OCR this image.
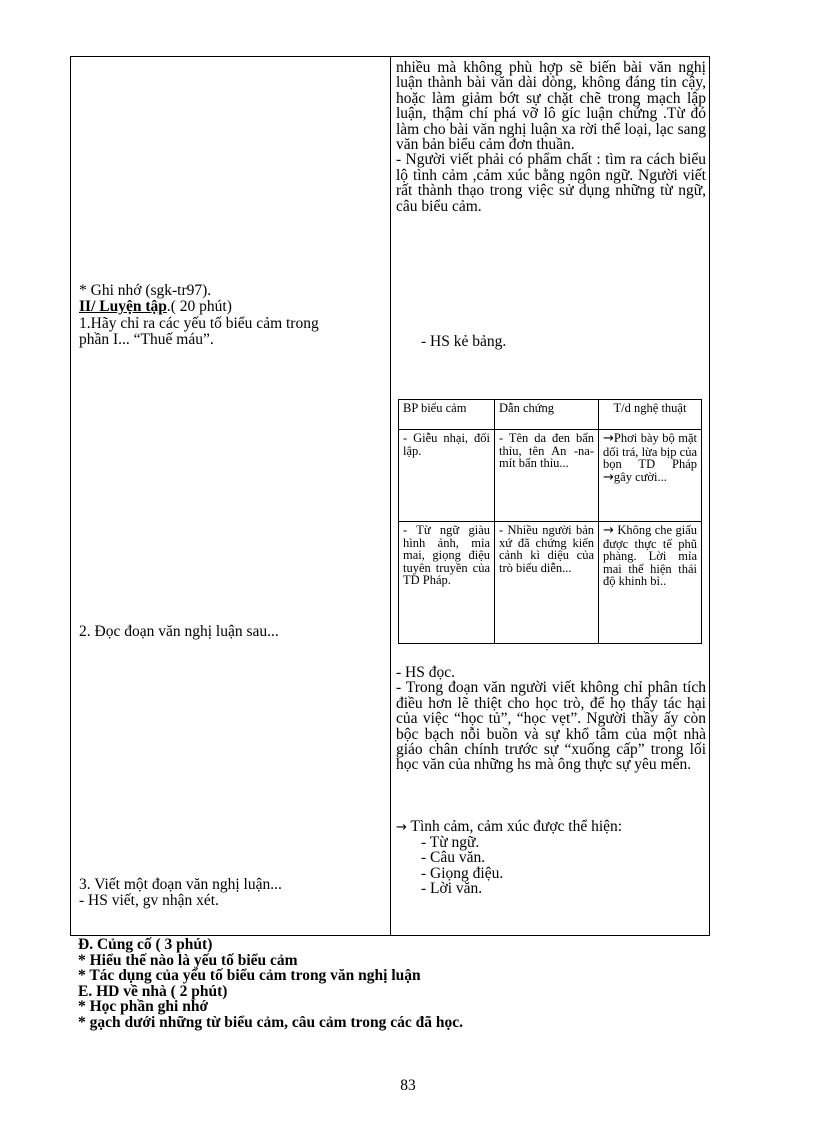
* Ghi nhớ (sgk-tr97).
II/ Luyện tập.( 20 phút)
1.Hãy chỉ ra các yếu tố biểu cảm trong
phần I... “Thuế máu”.
2. Đọc đoạn văn nghị luận sau...
3. Viết một đoạn văn nghị luận...
- HS viết, gv nhận xét.

nhiều mà không phù hợp sẽ biến bài văn nghị luận thành bài văn dài dòng, không đáng tin cậy, hoặc làm giảm bớt sự chặt chẽ trong mạch lập luận, thậm chí phá vỡ lô gíc luận chứng .Từ đó làm cho bài văn nghị luận xa rời thể loại, lạc sang văn bản biểu cảm đơn thuần.

- Người viết phải có phẩm chất : tìm ra cách biểu lộ tình cảm ,cảm xúc bằng ngôn ngữ. Người viết rất thành thạo trong việc sử dụng những từ ngữ, câu biểu cảm.

- HS kẻ bảng.
BP biểu cảm	Dẫn chứng	T/d nghệ thuật
- Giễu nhại, đối lập.	- Tên da đen bẩn thỉu, tên An -na- mít bẩn thỉu...	→Phơi bày bộ mặt dối trá, lừa bịp của bọn TD Pháp →gây cười...
- Từ ngữ giàu hình ảnh, mỉa mai, giọng điệu tuyên truyền của TD Pháp.	- Nhiều người bản xứ đã chứng kiến cảnh kì diệu của trò biểu diễn...	→ Không che giấu được thực tế phũ phàng. Lời mỉa mai thể hiện thái độ khinh bỉ..

- HS đọc.

- Trong đoạn văn người viết không chỉ phân tích điều hơn lẽ thiệt cho học trò, để họ thấy tác hại của việc “học tủ”, “học vẹt”. Người thầy ấy còn bộc bạch nỗi buồn và sự khổ tâm của một nhà giáo chân chính trước sự “xuống cấp” trong lối học văn của những hs mà ông thực sự yêu mến.

→ Tình cảm, cảm xúc được thể hiện:
- Từ ngữ.
- Câu văn.
- Giọng điệu.
- Lời văn.
Đ. Củng cố ( 3 phút)
* Hiểu thế nào là yếu tố biểu cảm
* Tác dụng của yếu tố biểu cảm trong văn nghị luận
E. HD về nhà ( 2 phút)
* Học phần ghi nhớ
* gạch dưới những từ biểu cảm, câu cảm trong các đã học.
83
